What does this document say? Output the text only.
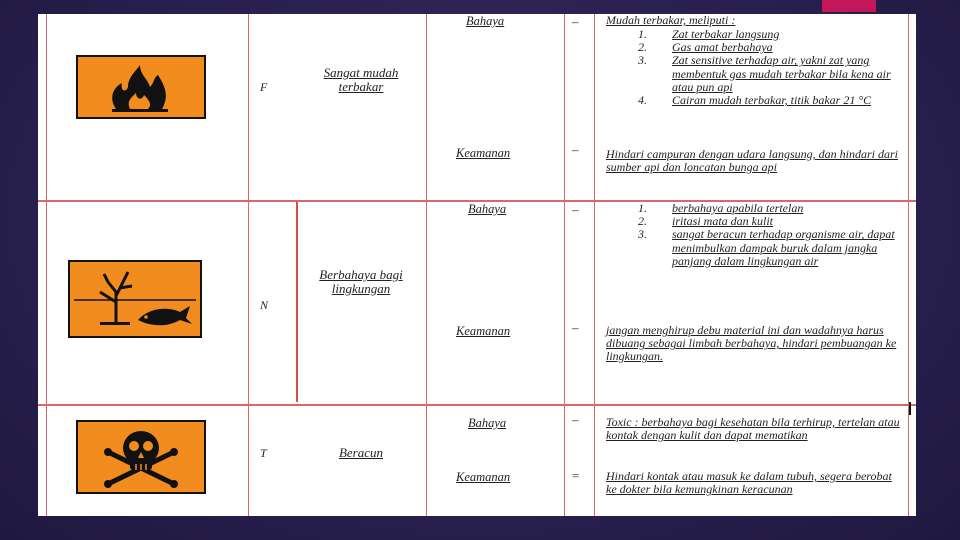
F
Sangat mudah terbakar
Bahaya	– Mudah terbakar, meliputi :
1. Zat terbakar langsung
2. Gas amat berbahaya
3. Zat sensitive terhadap air, yakni zat yang membentuk gas mudah terbakar bila kena air atau pun api
4. Cairan mudah terbakar, titik bakar 21 °C
Keamanan	– Hindari campuran dengan udara langsung, dan hindari dari sumber api dan loncatan bunga api
N
Berbahaya bagi lingkungan
Bahaya	–	1. berbahaya apabila tertelan
2. iritasi mata dan kulit
3. sangat beracun terhadap organisme air, dapat menimbulkan dampak buruk dalam jangka panjang dalam lingkungan air
Keamanan	– jangan menghirup debu material ini dan wadahnya harus dibuang sebagai limbah berbahaya, hindari pembuangan ke lingkungan.
T	Beracun
Bahaya	– Toxic : berbahaya bagi kesehatan bila terhirup, tertelan atau kontak dengan kulit dan dapat mematikan
Keamanan	= Hindari kontak atau masuk ke dalam tubuh, segera berobat ke dokter bila kemungkinan keracunan
